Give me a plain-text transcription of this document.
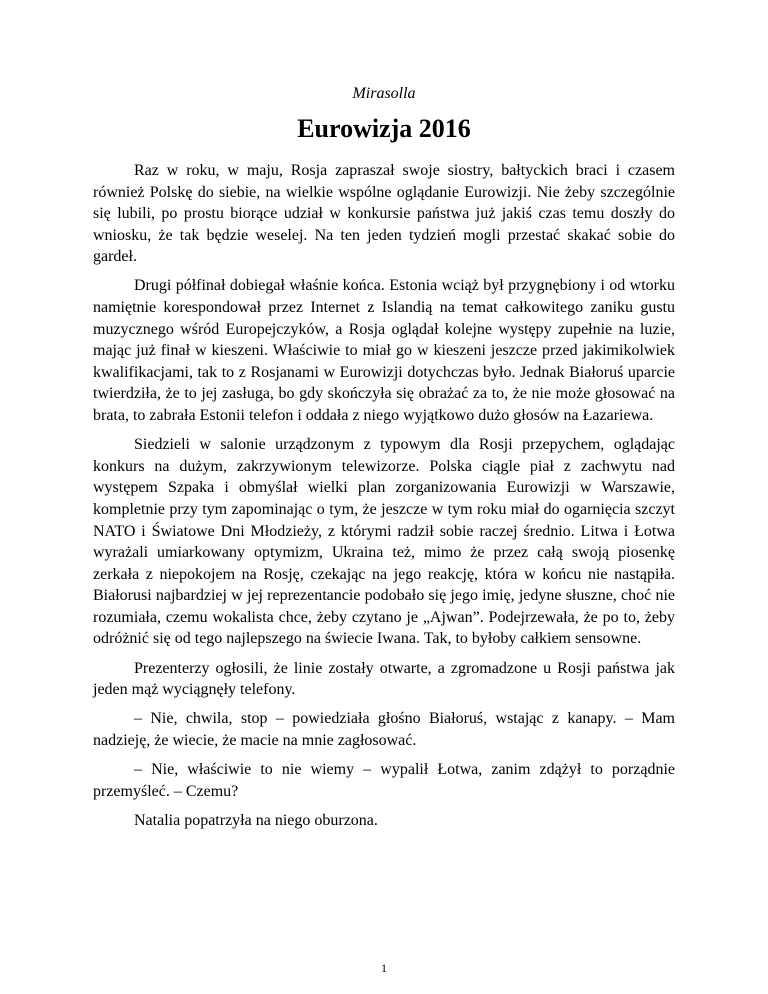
Mirasolla
Eurowizja 2016

Raz w roku, w maju, Rosja zapraszał swoje siostry, bałtyckich braci i czasem również Polskę do siebie, na wielkie wspólne oglądanie Eurowizji. Nie żeby szczególnie się lubili, po prostu biorące udział w konkursie państwa już jakiś czas temu doszły do wniosku, że tak będzie weselej. Na ten jeden tydzień mogli przestać skakać sobie do gardeł.

Drugi półfinał dobiegał właśnie końca. Estonia wciąż był przygnębiony i od wtorku namiętnie korespondował przez Internet z Islandią na temat całkowitego zaniku gustu muzycznego wśród Europejczyków, a Rosja oglądał kolejne występy zupełnie na luzie, mając już finał w kieszeni. Właściwie to miał go w kieszeni jeszcze przed jakimikolwiek kwalifikacjami, tak to z Rosjanami w Eurowizji dotychczas było. Jednak Białoruś uparcie twierdziła, że to jej zasługa, bo gdy skończyła się obrażać za to, że nie może głosować na brata, to zabrała Estonii telefon i oddała z niego wyjątkowo dużo głosów na Łazariewa.

Siedzieli w salonie urządzonym z typowym dla Rosji przepychem, oglądając konkurs na dużym, zakrzywionym telewizorze. Polska ciągle piał z zachwytu nad występem Szpaka i obmyślał wielki plan zorganizowania Eurowizji w Warszawie, kompletnie przy tym zapominając o tym, że jeszcze w tym roku miał do ogarnięcia szczyt NATO i Światowe Dni Młodzieży, z którymi radził sobie raczej średnio. Litwa i Łotwa wyrażali umiarkowany optymizm, Ukraina też, mimo że przez całą swoją piosenkę zerkała z niepokojem na Rosję, czekając na jego reakcję, która w końcu nie nastąpiła. Białorusi najbardziej w jej reprezentancie podobało się jego imię, jedyne słuszne, choć nie rozumiała, czemu wokalista chce, żeby czytano je „Ajwan”. Podejrzewała, że po to, żeby odróżnić się od tego najlepszego na świecie Iwana. Tak, to byłoby całkiem sensowne.

Prezenterzy ogłosili, że linie zostały otwarte, a zgromadzone u Rosji państwa jak jeden mąż wyciągnęły telefony.

– Nie, chwila, stop – powiedziała głośno Białoruś, wstając z kanapy. – Mam nadzieję, że wiecie, że macie na mnie zagłosować.

– Nie, właściwie to nie wiemy – wypalił Łotwa, zanim zdążył to porządnie przemyśleć. – Czemu?

Natalia popatrzyła na niego oburzona.

1
